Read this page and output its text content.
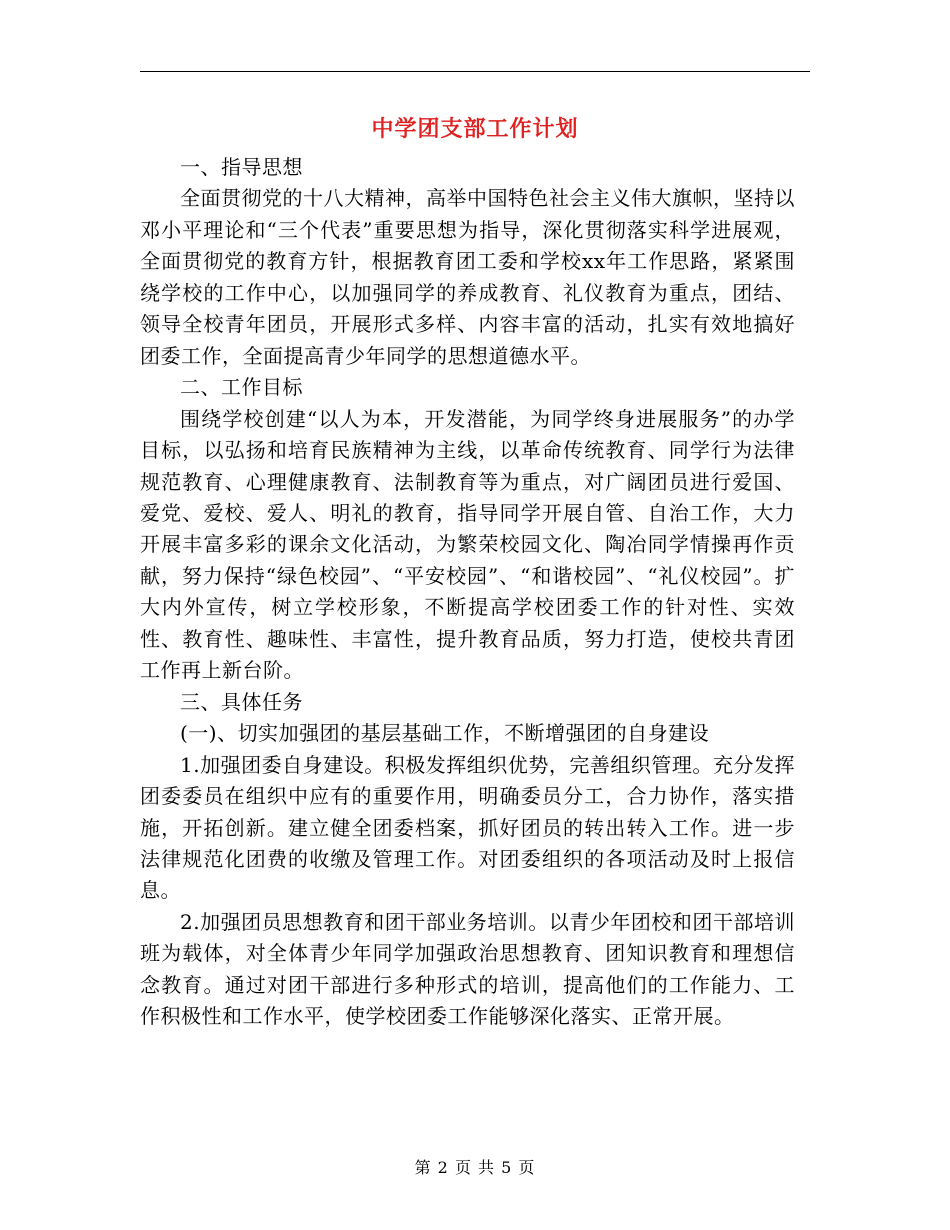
中学团支部工作计划

一、指导思想

全面贯彻党的十八大精神，高举中国特色社会主义伟大旗帜，坚持以邓小平理论和“三个代表”重要思想为指导，深化贯彻落实科学进展观，全面贯彻党的教育方针，根据教育团工委和学校xx年工作思路，紧紧围绕学校的工作中心，以加强同学的养成教育、礼仪教育为重点，团结、领导全校青年团员，开展形式多样、内容丰富的活动，扎实有效地搞好团委工作，全面提高青少年同学的思想道德水平。

二、工作目标

围绕学校创建“以人为本，开发潜能，为同学终身进展服务”的办学目标，以弘扬和培育民族精神为主线，以革命传统教育、同学行为法律规范教育、心理健康教育、法制教育等为重点，对广阔团员进行爱国、爱党、爱校、爱人、明礼的教育，指导同学开展自管、自治工作，大力开展丰富多彩的课余文化活动，为繁荣校园文化、陶冶同学情操再作贡献，努力保持“绿色校园”、“平安校园”、“和谐校园”、“礼仪校园”。扩大内外宣传，树立学校形象，不断提高学校团委工作的针对性、实效性、教育性、趣味性、丰富性，提升教育品质，努力打造，使校共青团工作再上新台阶。

三、具体任务

(一)、切实加强团的基层基础工作，不断增强团的自身建设

1.加强团委自身建设。积极发挥组织优势，完善组织管理。充分发挥团委委员在组织中应有的重要作用，明确委员分工，合力协作，落实措施，开拓创新。建立健全团委档案，抓好团员的转出转入工作。进一步法律规范化团费的收缴及管理工作。对团委组织的各项活动及时上报信息。

2.加强团员思想教育和团干部业务培训。以青少年团校和团干部培训班为载体，对全体青少年同学加强政治思想教育、团知识教育和理想信念教育。通过对团干部进行多种形式的培训，提高他们的工作能力、工作积极性和工作水平，使学校团委工作能够深化落实、正常开展。

第 2 页 共 5 页
